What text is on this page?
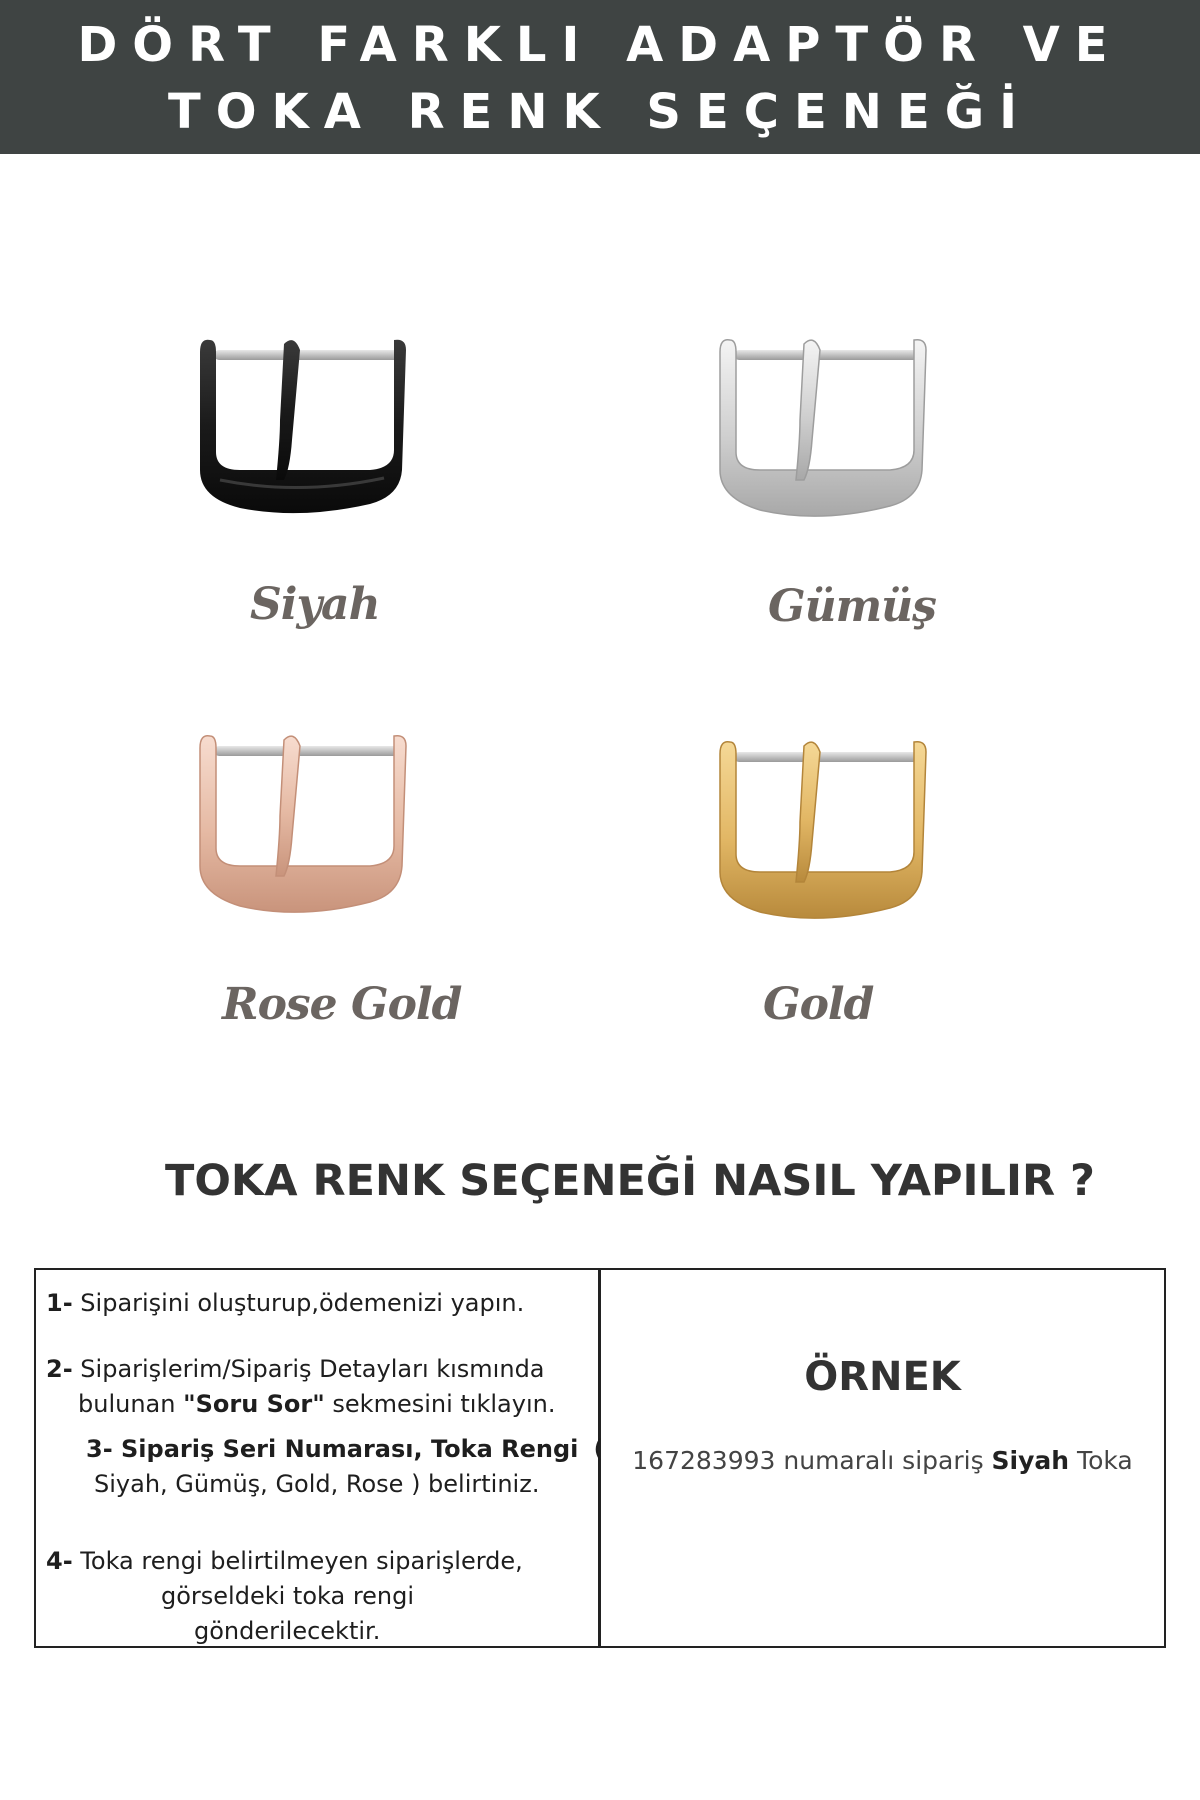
DÖRT FARKLI ADAPTÖR VE
TOKA RENK SEÇENEĞİ
Siyah	Gümüş
Rose Gold	Gold
TOKA RENK SEÇENEĞİ NASIL YAPILIR ?
1- Siparişini oluşturup,ödemenizi yapın.
2- Siparişlerim/Sipariş Detayları kısmında
bulunan "Soru Sor" sekmesini tıklayın.
3- Sipariş Seri Numarası, Toka Rengi  (
Siyah, Gümüş, Gold, Rose ) belirtiniz.
4- Toka rengi belirtilmeyen siparişlerde,
görseldeki toka rengi
gönderilecektir.
ÖRNEK
167283993 numaralı sipariş Siyah Toka
